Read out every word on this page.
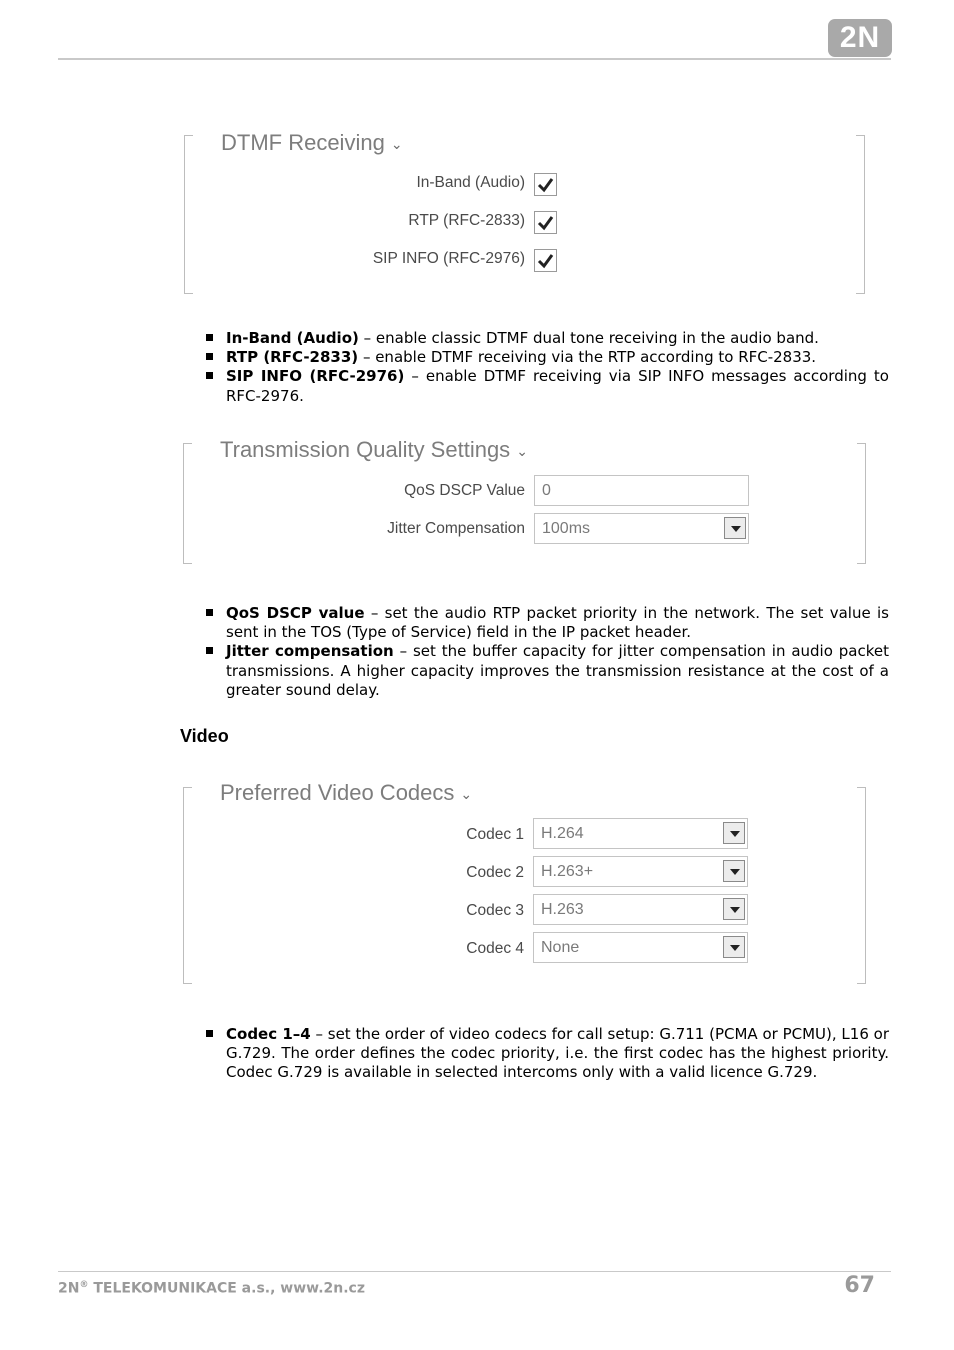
2N
DTMF Receiving ⌄
In-Band (Audio)
RTP (RFC-2833)
SIP INFO (RFC-2976)
In-Band (Audio) – enable classic DTMF dual tone receiving in the audio band.
RTP (RFC-2833) – enable DTMF receiving via the RTP according to RFC-2833.
SIP INFO (RFC-2976) – enable DTMF receiving via SIP INFO messages according to RFC-2976.
Transmission Quality Settings ⌄
QoS DSCP Value	0
Jitter Compensation	100ms
QoS DSCP value – set the audio RTP packet priority in the network. The set value is sent in the TOS (Type of Service) field in the IP packet header.
Jitter compensation – set the buffer capacity for jitter compensation in audio packet transmissions. A higher capacity improves the transmission resistance at the cost of a greater sound delay.
Video
Preferred Video Codecs ⌄
Codec 1	H.264
Codec 2	H.263+
Codec 3	H.263
Codec 4	None
Codec 1–4 – set the order of video codecs for call setup: G.711 (PCMA or PCMU), L16 or G.729. The order defines the codec priority, i.e. the first codec has the highest priority. Codec G.729 is available in selected intercoms only with a valid licence G.729.
2N® TELEKOMUNIKACE a.s., www.2n.cz	67
